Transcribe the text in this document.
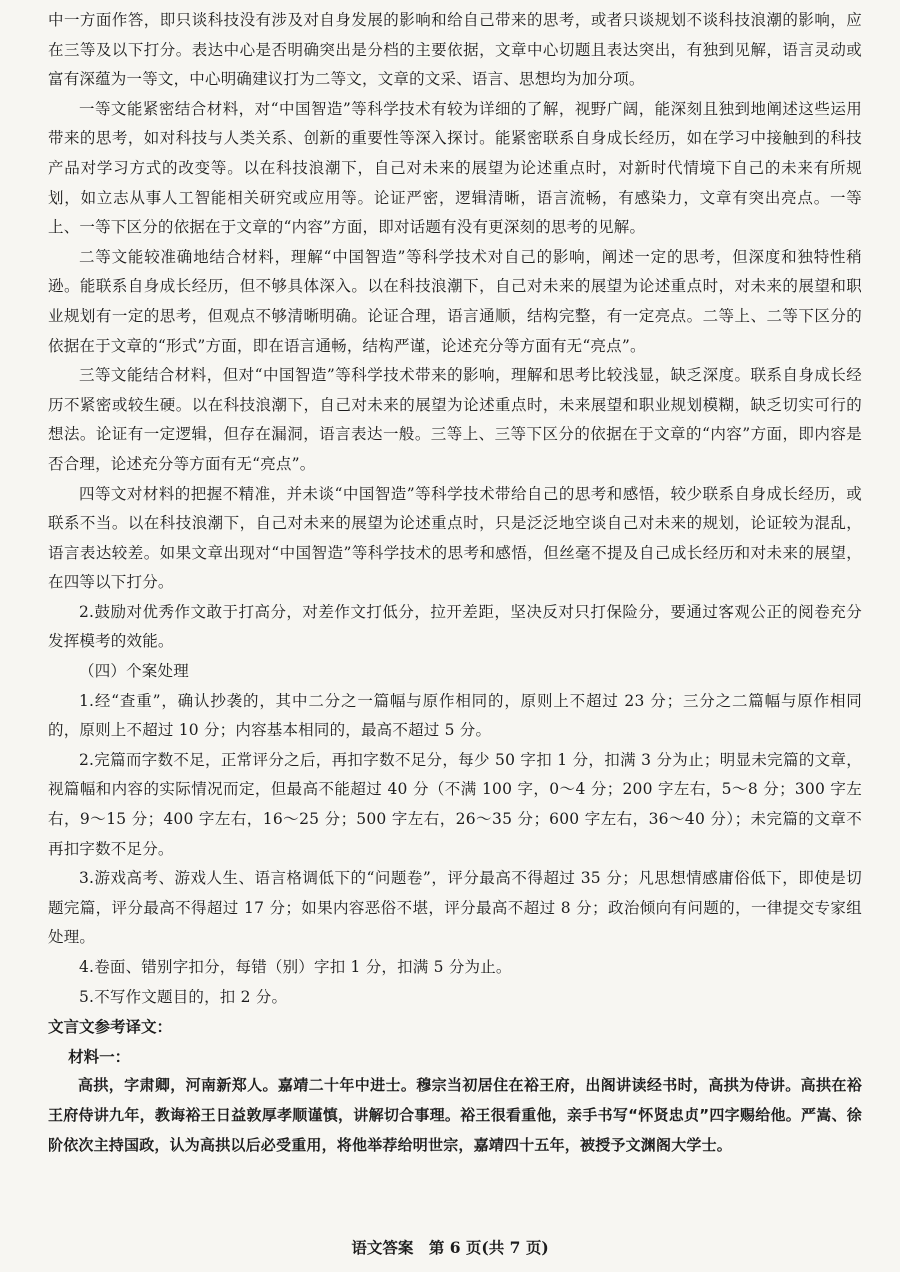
中一方面作答，即只谈科技没有涉及对自身发展的影响和给自己带来的思考，或者只谈规划不谈科技浪潮的影响，应在三等及以下打分。表达中心是否明确突出是分档的主要依据，文章中心切题且表达突出，有独到见解，语言灵动或富有深蕴为一等文，中心明确建议打为二等文，文章的文采、语言、思想均为加分项。

一等文能紧密结合材料，对“中国智造”等科学技术有较为详细的了解，视野广阔，能深刻且独到地阐述这些运用带来的思考，如对科技与人类关系、创新的重要性等深入探讨。能紧密联系自身成长经历，如在学习中接触到的科技产品对学习方式的改变等。以在科技浪潮下，自己对未来的展望为论述重点时，对新时代情境下自己的未来有所规划，如立志从事人工智能相关研究或应用等。论证严密，逻辑清晰，语言流畅，有感染力，文章有突出亮点。一等上、一等下区分的依据在于文章的“内容”方面，即对话题有没有更深刻的思考的见解。

二等文能较准确地结合材料，理解“中国智造”等科学技术对自己的影响，阐述一定的思考，但深度和独特性稍逊。能联系自身成长经历，但不够具体深入。以在科技浪潮下，自己对未来的展望为论述重点时，对未来的展望和职业规划有一定的思考，但观点不够清晰明确。论证合理，语言通顺，结构完整，有一定亮点。二等上、二等下区分的依据在于文章的“形式”方面，即在语言通畅，结构严谨，论述充分等方面有无“亮点”。

三等文能结合材料，但对“中国智造”等科学技术带来的影响，理解和思考比较浅显，缺乏深度。联系自身成长经历不紧密或较生硬。以在科技浪潮下，自己对未来的展望为论述重点时，未来展望和职业规划模糊，缺乏切实可行的想法。论证有一定逻辑，但存在漏洞，语言表达一般。三等上、三等下区分的依据在于文章的“内容”方面，即内容是否合理，论述充分等方面有无“亮点”。

四等文对材料的把握不精准，并未谈“中国智造”等科学技术带给自己的思考和感悟，较少联系自身成长经历，或联系不当。以在科技浪潮下，自己对未来的展望为论述重点时，只是泛泛地空谈自己对未来的规划，论证较为混乱，语言表达较差。如果文章出现对“中国智造”等科学技术的思考和感悟，但丝毫不提及自己成长经历和对未来的展望，在四等以下打分。

2.鼓励对优秀作文敢于打高分，对差作文打低分，拉开差距，坚决反对只打保险分，要通过客观公正的阅卷充分发挥模考的效能。

（四）个案处理

1.经“查重”，确认抄袭的，其中二分之一篇幅与原作相同的，原则上不超过 23 分；三分之二篇幅与原作相同的，原则上不超过 10 分；内容基本相同的，最高不超过 5 分。

2.完篇而字数不足，正常评分之后，再扣字数不足分，每少 50 字扣 1 分，扣满 3 分为止；明显未完篇的文章，视篇幅和内容的实际情况而定，但最高不能超过 40 分（不满 100 字，0～4 分；200 字左右，5～8 分；300 字左右，9～15 分；400 字左右，16～25 分；500 字左右，26～35 分；600 字左右，36～40 分）；未完篇的文章不再扣字数不足分。

3.游戏高考、游戏人生、语言格调低下的“问题卷”，评分最高不得超过 35 分；凡思想情感庸俗低下，即使是切题完篇，评分最高不得超过 17 分；如果内容恶俗不堪，评分最高不超过 8 分；政治倾向有问题的，一律提交专家组处理。

4.卷面、错别字扣分，每错（别）字扣 1 分，扣满 5 分为止。

5.不写作文题目的，扣 2 分。

文言文参考译文：

材料一：

高拱，字肃卿，河南新郑人。嘉靖二十年中进士。穆宗当初居住在裕王府，出阁讲读经书时，高拱为侍讲。高拱在裕王府侍讲九年，教诲裕王日益敦厚孝顺谨慎，讲解切合事理。裕王很看重他，亲手书写“怀贤忠贞”四字赐给他。严嵩、徐阶依次主持国政，认为高拱以后必受重用，将他举荐给明世宗，嘉靖四十五年，被授予文渊阁大学士。

语文答案　第 6 页(共 7 页)
